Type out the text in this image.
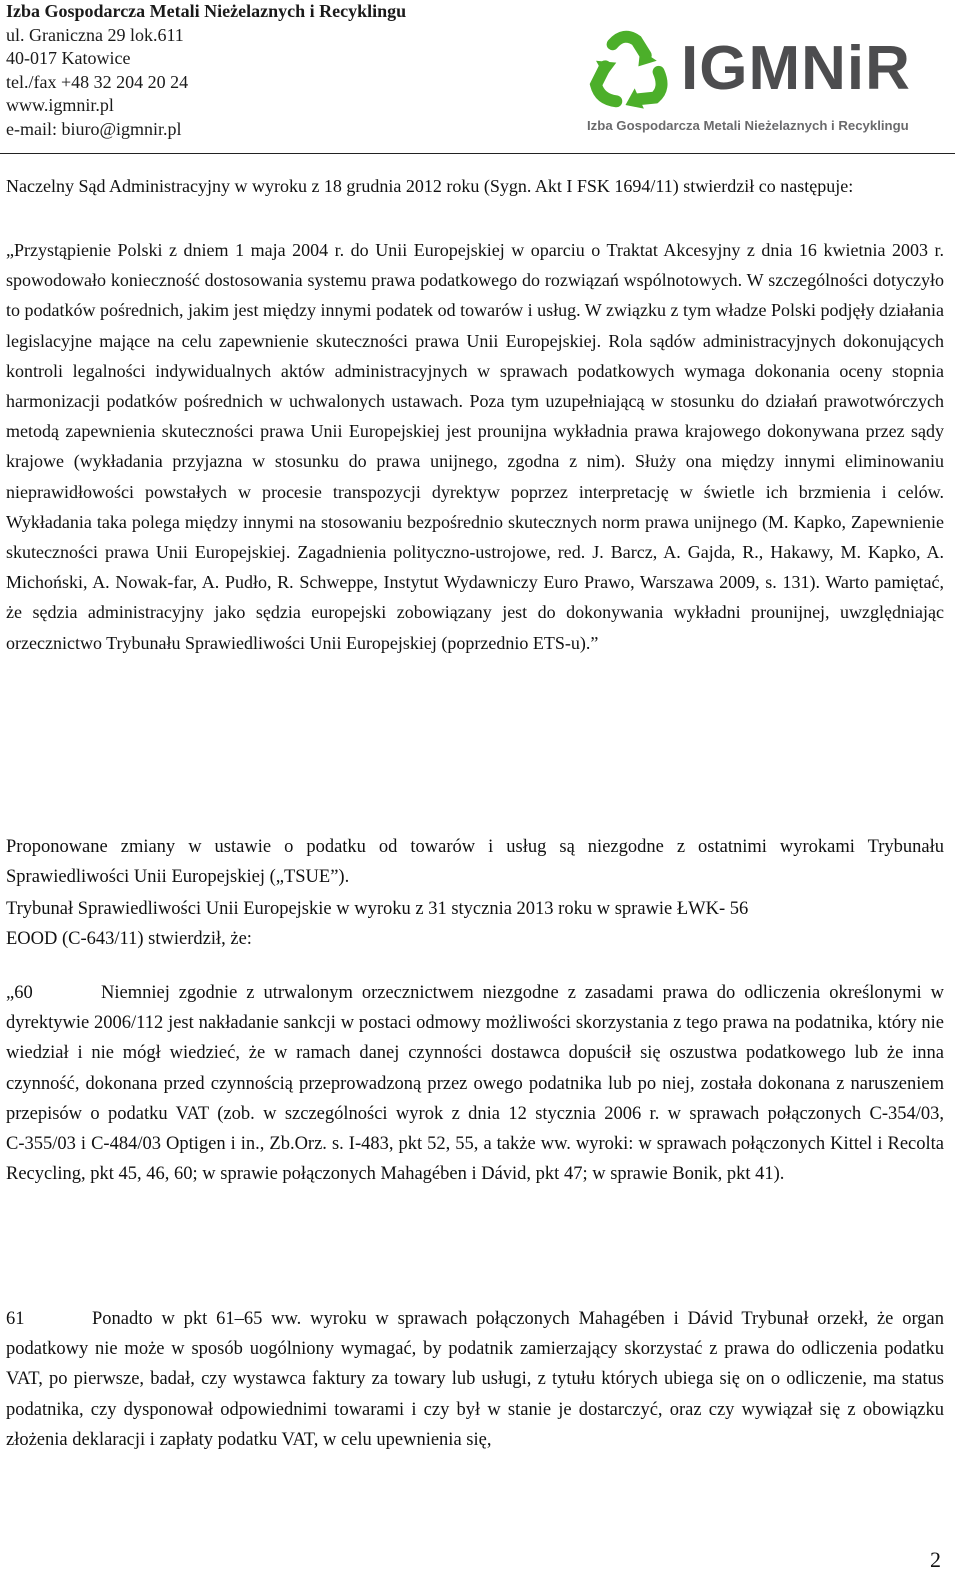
Izba Gospodarcza Metali Nieżelaznych i Recyklingu
ul. Graniczna 29 lok.611
40-017 Katowice
tel./fax +48 32 204 20 24
www.igmnir.pl
e-mail: biuro@igmnir.pl
IGMNiR
Izba Gospodarcza Metali Nieżelaznych i Recyklingu
Naczelny Sąd Administracyjny w wyroku z 18 grudnia 2012 roku (Sygn. Akt I FSK 1694/11) stwierdził co następuje:
„Przystąpienie Polski z dniem 1 maja 2004 r. do Unii Europejskiej w oparciu o Traktat Akcesyjny z dnia 16 kwietnia 2003 r. spowodowało konieczność dostosowania systemu prawa podatkowego do rozwiązań wspólnotowych. W szczególności dotyczyło to podatków pośrednich, jakim jest między innymi podatek od towarów i usług. W związku z tym władze Polski podjęły działania legislacyjne mające na celu zapewnienie skuteczności prawa Unii Europejskiej. Rola sądów administracyjnych dokonujących kontroli legalności indywidualnych aktów administracyjnych w sprawach podatkowych wymaga dokonania oceny stopnia harmonizacji podatków pośrednich w uchwalonych ustawach. Poza tym uzupełniającą w stosunku do działań prawotwórczych metodą zapewnienia skuteczności prawa Unii Europejskiej jest prounijna wykładnia prawa krajowego dokonywana przez sądy krajowe (wykładania przyjazna w stosunku do prawa unijnego, zgodna z nim). Służy ona między innymi eliminowaniu nieprawidłowości powstałych w procesie transpozycji dyrektyw poprzez interpretację w świetle ich brzmienia i celów. Wykładania taka polega między innymi na stosowaniu bezpośrednio skutecznych norm prawa unijnego (M. Kapko, Zapewnienie skuteczności prawa Unii Europejskiej. Zagadnienia polityczno-ustrojowe, red. J. Barcz, A. Gajda, R., Hakawy, M. Kapko, A. Michoński, A. Nowak-far, A. Pudło, R. Schweppe, Instytut Wydawniczy Euro Prawo, Warszawa 2009, s. 131). Warto pamiętać, że sędzia administracyjny jako sędzia europejski zobowiązany jest do dokonywania wykładni prounijnej, uwzględniając orzecznictwo Trybunału Sprawiedliwości Unii Europejskiej (poprzednio ETS-u).”
Proponowane zmiany w ustawie o podatku od towarów i usług są niezgodne z ostatnimi wyrokami Trybunału Sprawiedliwości Unii Europejskiej („TSUE”).
Trybunał Sprawiedliwości Unii Europejskie w wyroku z 31 stycznia 2013 roku w sprawie ŁWK- 56
EOOD (C-643/11) stwierdził, że:
„60	Niemniej zgodnie z utrwalonym orzecznictwem niezgodne z zasadami prawa do odliczenia określonymi w dyrektywie 2006/112 jest nakładanie sankcji w postaci odmowy możliwości skorzystania z tego prawa na podatnika, który nie wiedział i nie mógł wiedzieć, że w ramach danej czynności dostawca dopuścił się oszustwa podatkowego lub że inna czynność, dokonana przed czynnością przeprowadzoną przez owego podatnika lub po niej, została dokonana z naruszeniem przepisów o podatku VAT (zob. w szczególności wyrok z dnia 12 stycznia 2006 r. w sprawach połączonych C‑354/03, C‑355/03 i C‑484/03 Optigen i in., Zb.Orz. s. I‑483, pkt 52, 55, a także ww. wyroki: w sprawach połączonych Kittel i Recolta Recycling, pkt 45, 46, 60; w sprawie połączonych Mahagében i Dávid, pkt 47; w sprawie Bonik, pkt 41).
61	Ponadto w pkt 61–65 ww. wyroku w sprawach połączonych Mahagében i Dávid Trybunał orzekł, że organ podatkowy nie może w sposób uogólniony wymagać, by podatnik zamierzający skorzystać z prawa do odliczenia podatku VAT, po pierwsze, badał, czy wystawca faktury za towary lub usługi, z tytułu których ubiega się on o odliczenie, ma status podatnika, czy dysponował odpowiednimi towarami i czy był w stanie je dostarczyć, oraz czy wywiązał się z obowiązku złożenia deklaracji i zapłaty podatku VAT, w celu upewnienia się,
2
